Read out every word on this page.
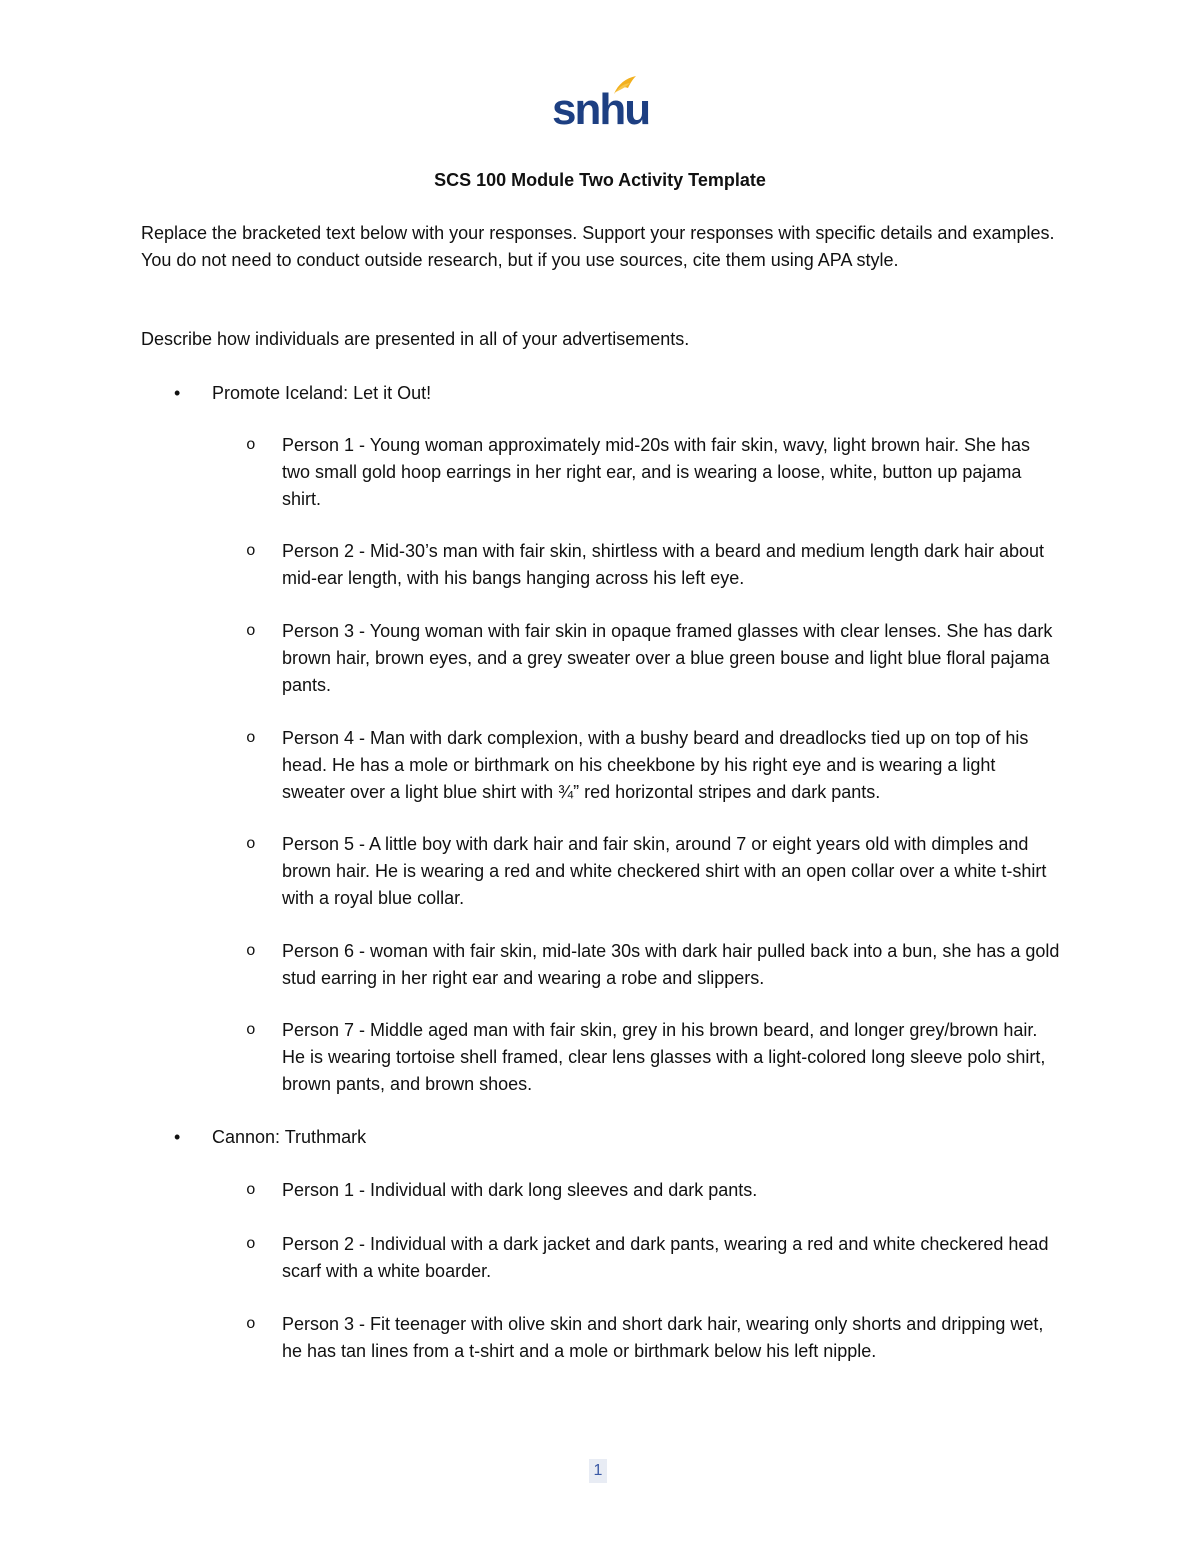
snhu
SCS 100 Module Two Activity Template

Replace the bracketed text below with your responses. Support your responses with specific details and examples. You do not need to conduct outside research, but if you use sources, cite them using APA style.

Describe how individuals are presented in all of your advertisements.

• Promote Iceland: Let it Out!
o Person 1 - Young woman approximately mid-20s with fair skin, wavy, light brown hair. She has two small gold hoop earrings in her right ear, and is wearing a loose, white, button up pajama shirt.
o Person 2 - Mid-30’s man with fair skin, shirtless with a beard and medium length dark hair about mid-ear length, with his bangs hanging across his left eye.
o Person 3 - Young woman with fair skin in opaque framed glasses with clear lenses. She has dark brown hair, brown eyes, and a grey sweater over a blue green bouse and light blue floral pajama pants.
o Person 4 - Man with dark complexion, with a bushy beard and dreadlocks tied up on top of his head. He has a mole or birthmark on his cheekbone by his right eye and is wearing a light sweater over a light blue shirt with ¾” red horizontal stripes and dark pants.
o Person 5 - A little boy with dark hair and fair skin, around 7 or eight years old with dimples and brown hair. He is wearing a red and white checkered shirt with an open collar over a white t-shirt with a royal blue collar.
o Person 6 - woman with fair skin, mid-late 30s with dark hair pulled back into a bun, she has a gold stud earring in her right ear and wearing a robe and slippers.
o Person 7 - Middle aged man with fair skin, grey in his brown beard, and longer grey/brown hair. He is wearing tortoise shell framed, clear lens glasses with a light-colored long sleeve polo shirt, brown pants, and brown shoes.
• Cannon: Truthmark
o Person 1 - Individual with dark long sleeves and dark pants.
o Person 2 - Individual with a dark jacket and dark pants, wearing a red and white checkered head scarf with a white boarder.
o Person 3 - Fit teenager with olive skin and short dark hair, wearing only shorts and dripping wet, he has tan lines from a t-shirt and a mole or birthmark below his left nipple.
1
